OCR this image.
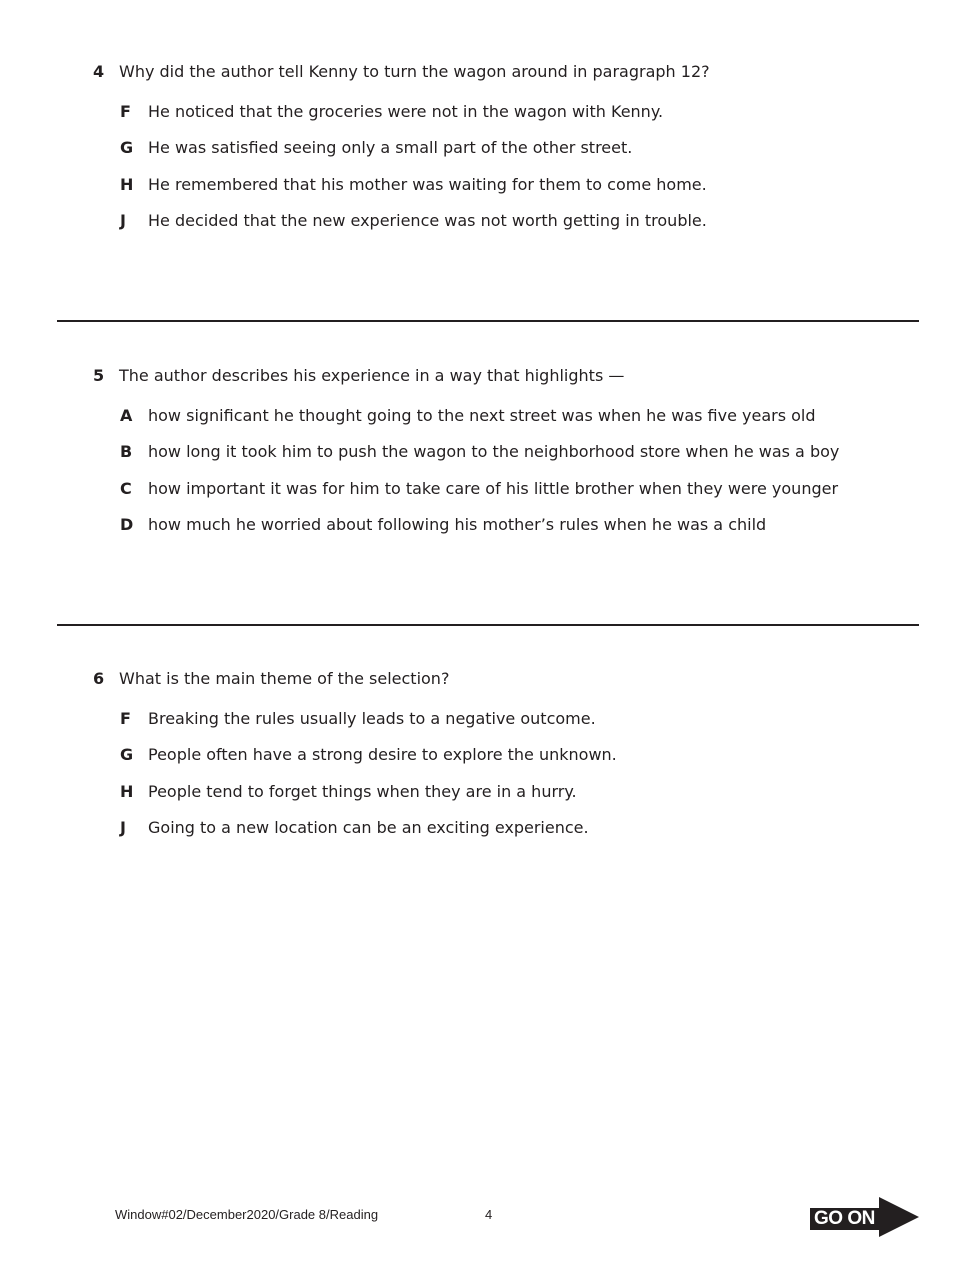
4 Why did the author tell Kenny to turn the wagon around in paragraph 12?

F	He noticed that the groceries were not in the wagon with Kenny.
G He was satisfied seeing only a small part of the other street.
H He remembered that his mother was waiting for them to come home.
J	He decided that the new experience was not worth getting in trouble.

5 The author describes his experience in a way that highlights —

A how significant he thought going to the next street was when he was five years old
B how long it took him to push the wagon to the neighborhood store when he was a boy
C	how important it was for him to take care of his little brother when they were younger
D how much he worried about following his mother’s rules when he was a child

6 What is the main theme of the selection?

F	Breaking the rules usually leads to a negative outcome.
G People often have a strong desire to explore the unknown.
H People tend to forget things when they are in a hurry.
J	Going to a new location can be an exciting experience.
Window#02/December2020/Grade 8/Reading	4	GO ON
